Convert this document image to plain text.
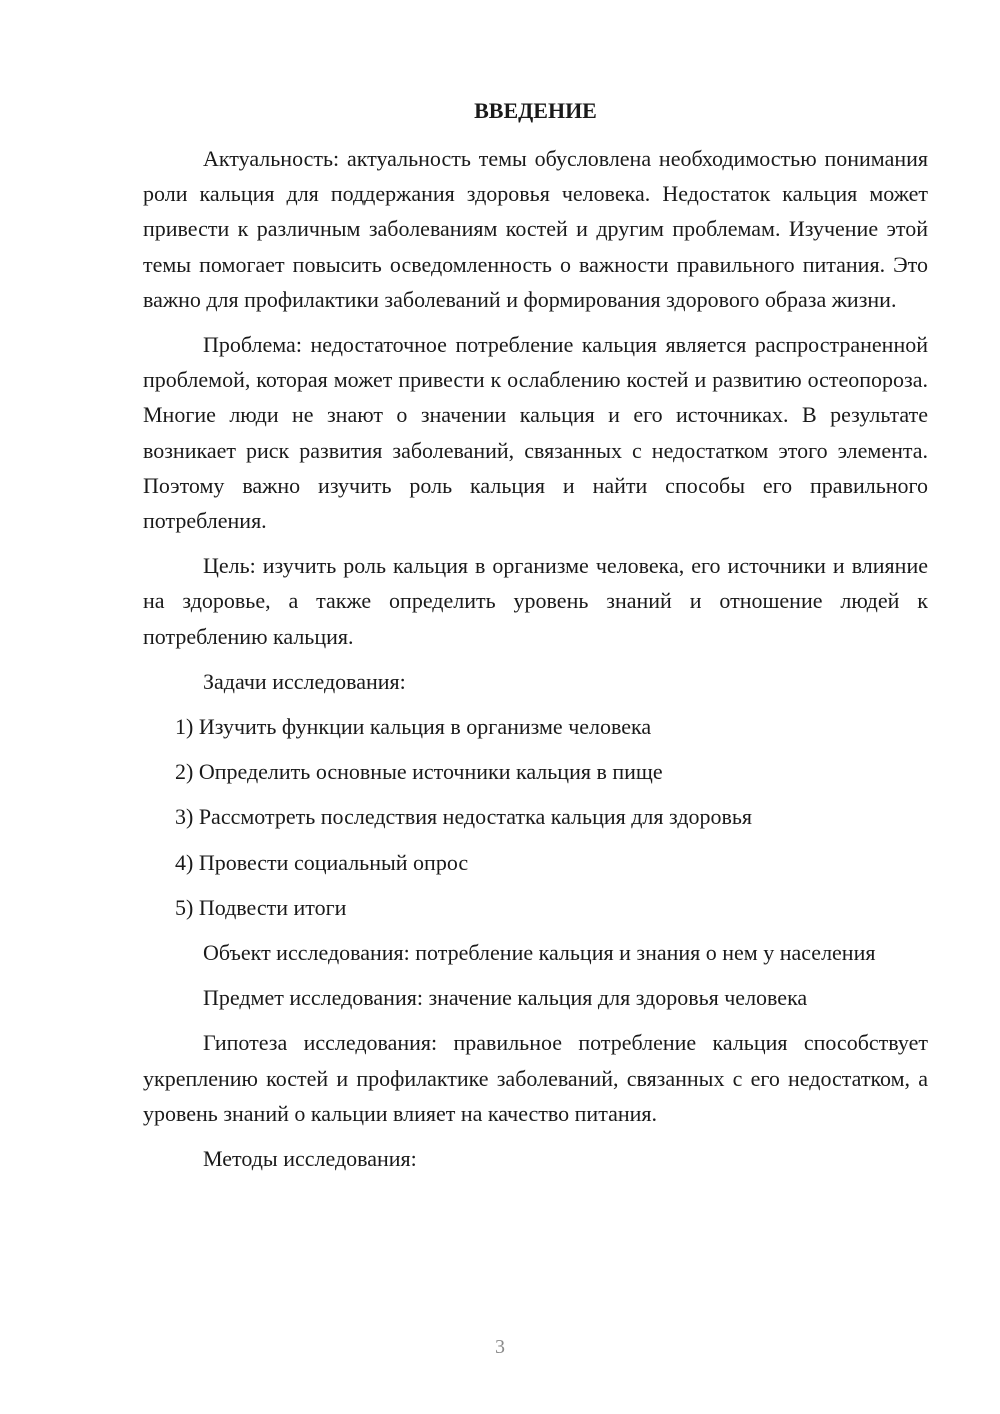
ВВЕДЕНИЕ

Актуальность: актуальность темы обусловлена необходимостью понимания роли кальция для поддержания здоровья человека. Недостаток кальция может привести к различным заболеваниям костей и другим проблемам. Изучение этой темы помогает повысить осведомленность о важности правильного питания. Это важно для профилактики заболеваний и формирования здорового образа жизни.

Проблема: недостаточное потребление кальция является распространенной проблемой, которая может привести к ослаблению костей и развитию остеопороза. Многие люди не знают о значении кальция и его источниках. В результате возникает риск развития заболеваний, связанных с недостатком этого элемента. Поэтому важно изучить роль кальция и найти способы его правильного потребления.

Цель: изучить роль кальция в организме человека, его источники и влияние на здоровье, а также определить уровень знаний и отношение людей к потреблению кальция.

Задачи исследования:

1) Изучить функции кальция в организме человека
2) Определить основные источники кальция в пище
3) Рассмотреть последствия недостатка кальция для здоровья
4) Провести социальный опрос
5) Подвести итоги

Объект исследования: потребление кальция и знания о нем у населения

Предмет исследования: значение кальция для здоровья человека

Гипотеза исследования: правильное потребление кальция способствует укреплению костей и профилактике заболеваний, связанных с его недостатком, а уровень знаний о кальции влияет на качество питания.

Методы исследования:

3
